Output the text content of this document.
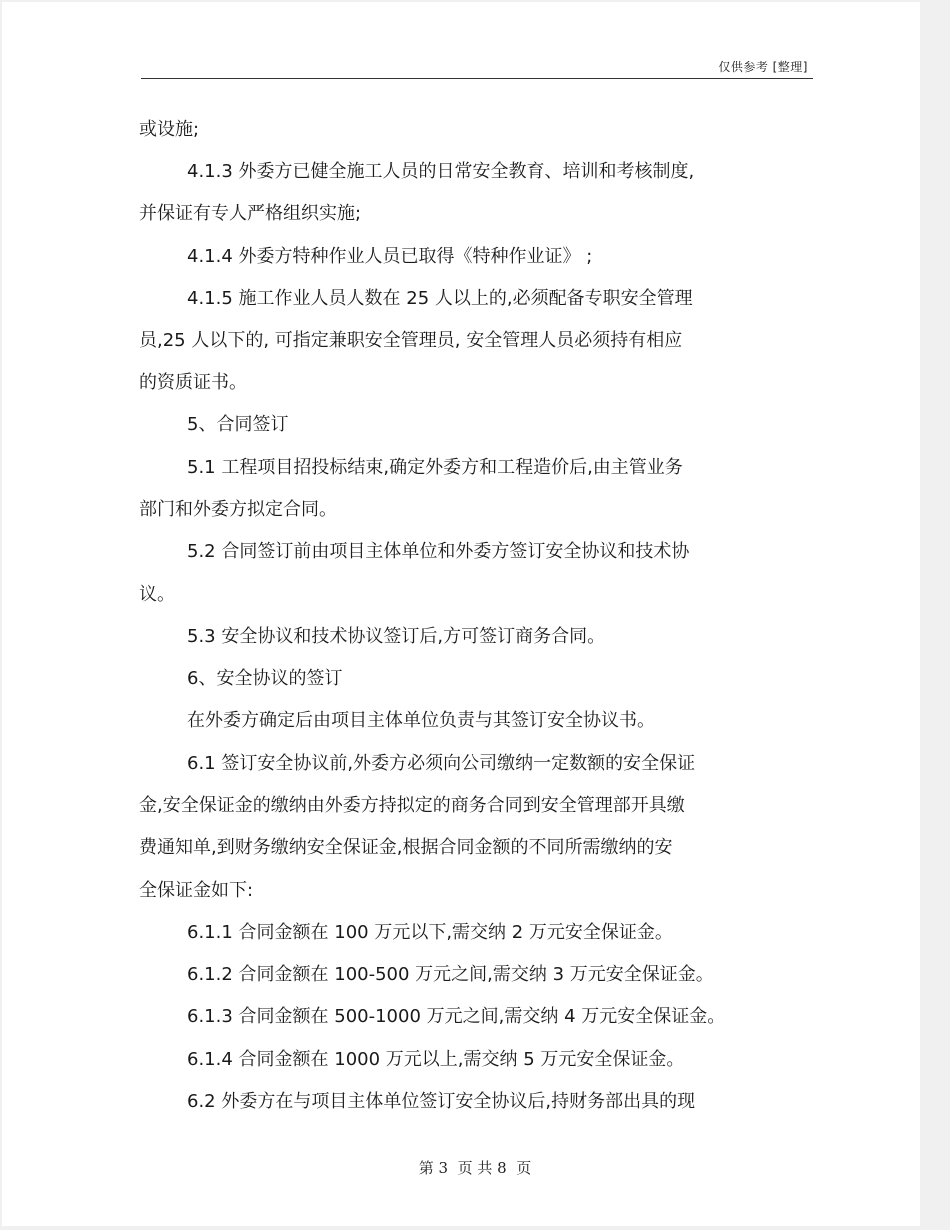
仅供参考 [整理]
或设施;
4.1.3 外委方已健全施工人员的日常安全教育、培训和考核制度,
并保证有专人严格组织实施;
4.1.4 外委方特种作业人员已取得《特种作业证》 ;
4.1.5 施工作业人员人数在 25 人以上的,必须配备专职安全管理
员,25 人以下的, 可指定兼职安全管理员, 安全管理人员必须持有相应
的资质证书。
5、合同签订
5.1 工程项目招投标结束,确定外委方和工程造价后,由主管业务
部门和外委方拟定合同。
5.2 合同签订前由项目主体单位和外委方签订安全协议和技术协
议。
5.3 安全协议和技术协议签订后,方可签订商务合同。
6、安全协议的签订
在外委方确定后由项目主体单位负责与其签订安全协议书。
6.1 签订安全协议前,外委方必须向公司缴纳一定数额的安全保证
金,安全保证金的缴纳由外委方持拟定的商务合同到安全管理部开具缴
费通知单,到财务缴纳安全保证金,根据合同金额的不同所需缴纳的安
全保证金如下:
6.1.1 合同金额在 100 万元以下,需交纳 2 万元安全保证金。
6.1.2 合同金额在 100-500 万元之间,需交纳 3 万元安全保证金。
6.1.3 合同金额在 500-1000 万元之间,需交纳 4 万元安全保证金。
6.1.4 合同金额在 1000 万元以上,需交纳 5 万元安全保证金。
6.2 外委方在与项目主体单位签订安全协议后,持财务部出具的现
第 3  页 共 8  页
